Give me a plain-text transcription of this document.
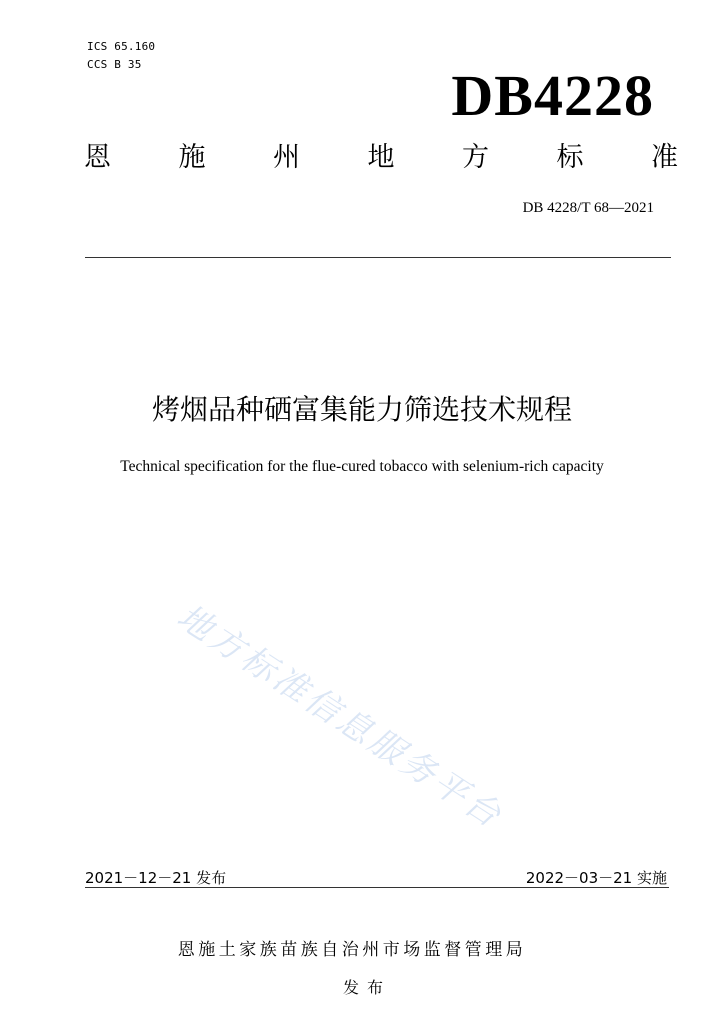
ICS 65.160
CCS B 35	DB4228
恩	施	州	地	方	标	准
DB 4228/T 68—2021
烤烟品种硒富集能力筛选技术规程
Technical specification for the flue-cured tobacco with selenium-rich capacity
地方标准信息服务平台
2021－12－21 发布	2022－03－21 实施
恩施土家族苗族自治州市场监督管理局
发布
